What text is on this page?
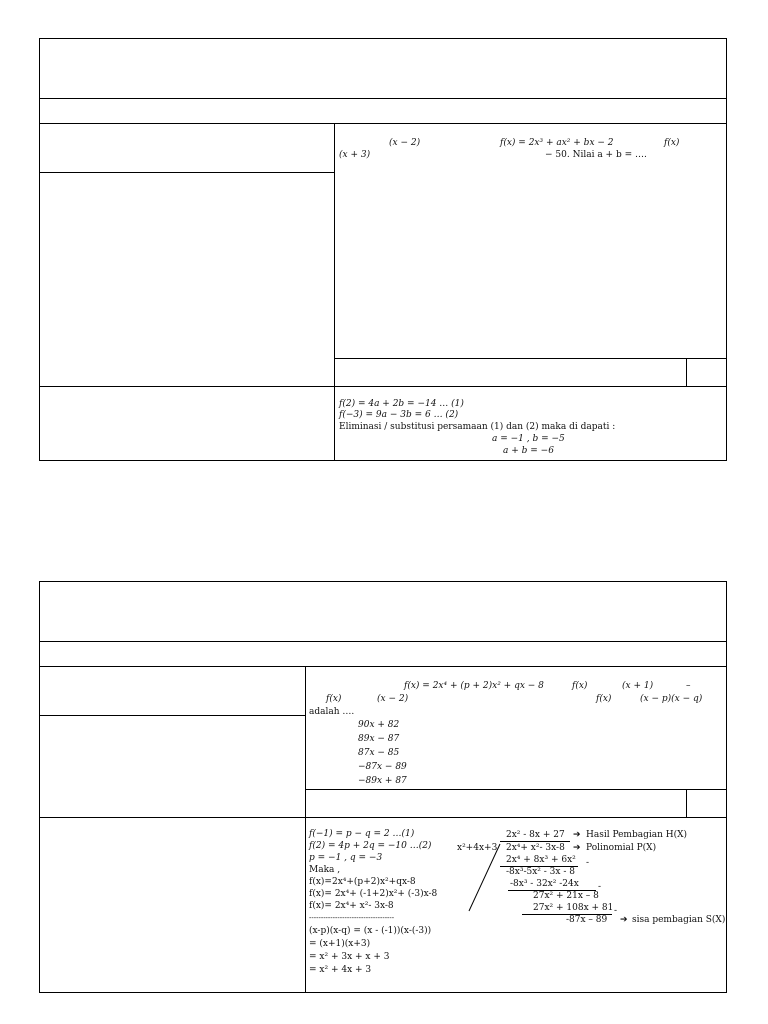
(x − 2)	f(x) = 2x³ + ax² + bx − 2	f(x)
(x + 3)	− 50. Nilai a + b = ….
f(2) = 4a + 2b = −14 … (1)
f(−3) = 9a − 3b = 6 … (2)
Eliminasi / substitusi persamaan (1) dan (2) maka di dapati :
a = −1 , b = −5
a + b = −6
f(x) = 2x⁴ + (p + 2)x² + qx − 8	f(x)	(x + 1)	–
f(x)	(x − 2)	f(x)	(x − p)(x − q)
adalah ….
90x + 82
89x − 87
87x − 85
−87x − 89
−89x + 87
f(−1) = p − q = 2 …(1)
f(2) = 4p + 2q = −10 …(2)
p = −1 , q = −3
Maka ,
f(x)=2x⁴+(p+2)x²+qx-8
f(x)= 2x⁴+ (-1+2)x²+ (-3)x-8
f(x)= 2x⁴+ x²- 3x-8
------------------------------------
(x-p)(x-q) = (x - (-1))(x-(-3))
= (x+1)(x+3)
= x² + 3x + x + 3
= x² + 4x + 3
2x² - 8x + 27 ➔ Hasil Pembagian H(X)
x²+4x+3 2x⁴+ x²- 3x-8 ➔ Polinomial P(X)
2x⁴ + 8x³ + 6x² -
-8x³-5x² - 3x - 8
-8x³ - 32x² -24x -
27x² + 21x – 8
27x² + 108x + 81 -
-87x – 89 ➔ sisa pembagian S(X)
